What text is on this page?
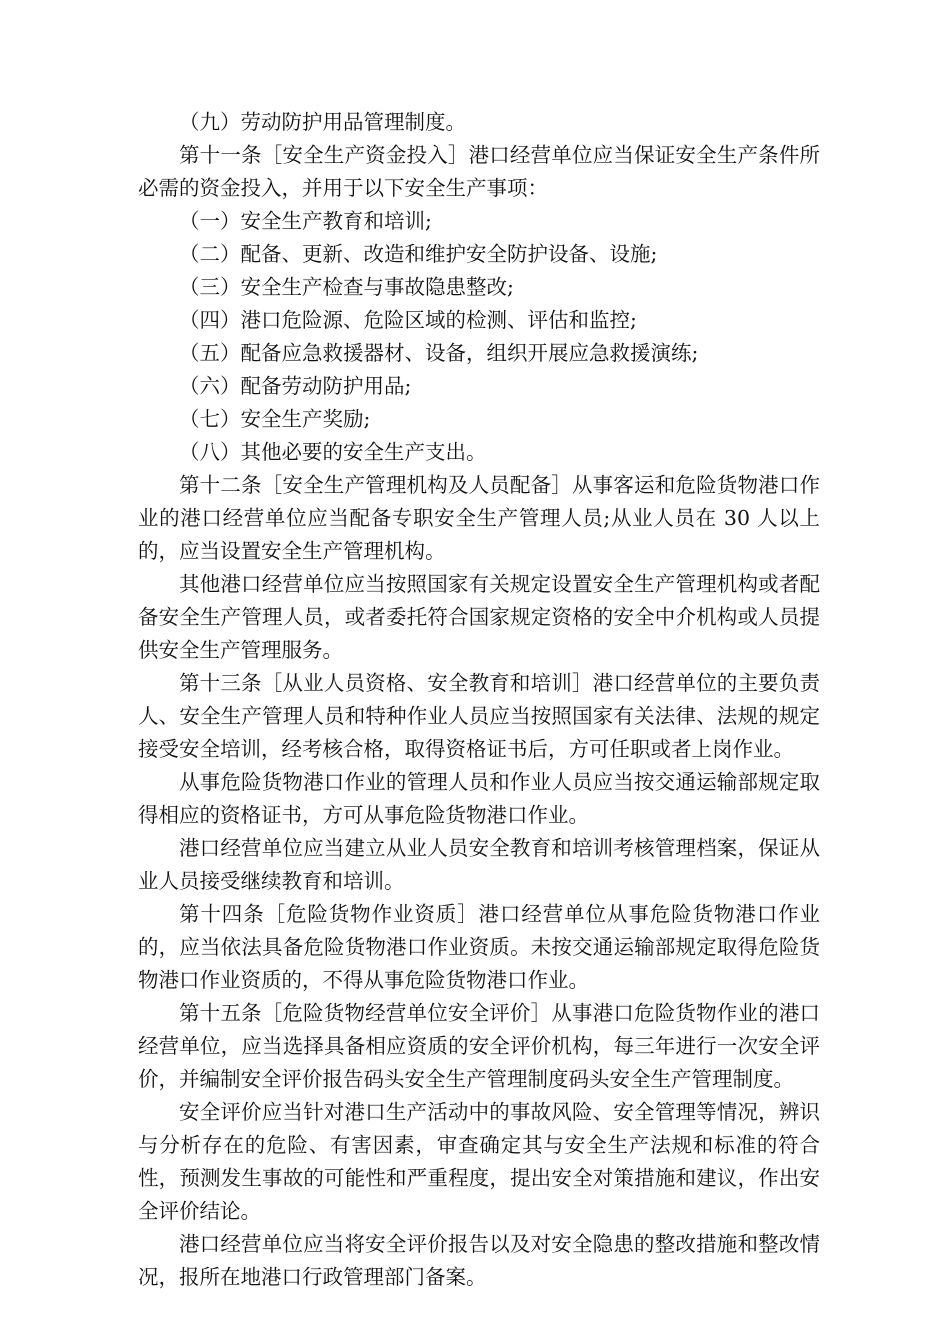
（九）劳动防护用品管理制度。

第十一条［安全生产资金投入］港口经营单位应当保证安全生产条件所必需的资金投入，并用于以下安全生产事项：

（一）安全生产教育和培训;

（二）配备、更新、改造和维护安全防护设备、设施;

（三）安全生产检查与事故隐患整改;

（四）港口危险源、危险区域的检测、评估和监控;

（五）配备应急救援器材、设备，组织开展应急救援演练;

（六）配备劳动防护用品;

（七）安全生产奖励;

（八）其他必要的安全生产支出。

第十二条［安全生产管理机构及人员配备］从事客运和危险货物港口作业的港口经营单位应当配备专职安全生产管理人员;从业人员在 30 人以上的，应当设置安全生产管理机构。

其他港口经营单位应当按照国家有关规定设置安全生产管理机构或者配备安全生产管理人员，或者委托符合国家规定资格的安全中介机构或人员提供安全生产管理服务。

第十三条［从业人员资格、安全教育和培训］港口经营单位的主要负责人、安全生产管理人员和特种作业人员应当按照国家有关法律、法规的规定接受安全培训，经考核合格，取得资格证书后，方可任职或者上岗作业。

从事危险货物港口作业的管理人员和作业人员应当按交通运输部规定取得相应的资格证书，方可从事危险货物港口作业。

港口经营单位应当建立从业人员安全教育和培训考核管理档案，保证从业人员接受继续教育和培训。

第十四条［危险货物作业资质］港口经营单位从事危险货物港口作业的，应当依法具备危险货物港口作业资质。未按交通运输部规定取得危险货物港口作业资质的，不得从事危险货物港口作业。

第十五条［危险货物经营单位安全评价］从事港口危险货物作业的港口经营单位，应当选择具备相应资质的安全评价机构，每三年进行一次安全评价，并编制安全评价报告码头安全生产管理制度码头安全生产管理制度。

安全评价应当针对港口生产活动中的事故风险、安全管理等情况，辨识与分析存在的危险、有害因素，审查确定其与安全生产法规和标准的符合性，预测发生事故的可能性和严重程度，提出安全对策措施和建议，作出安全评价结论。

港口经营单位应当将安全评价报告以及对安全隐患的整改措施和整改情况，报所在地港口行政管理部门备案。
